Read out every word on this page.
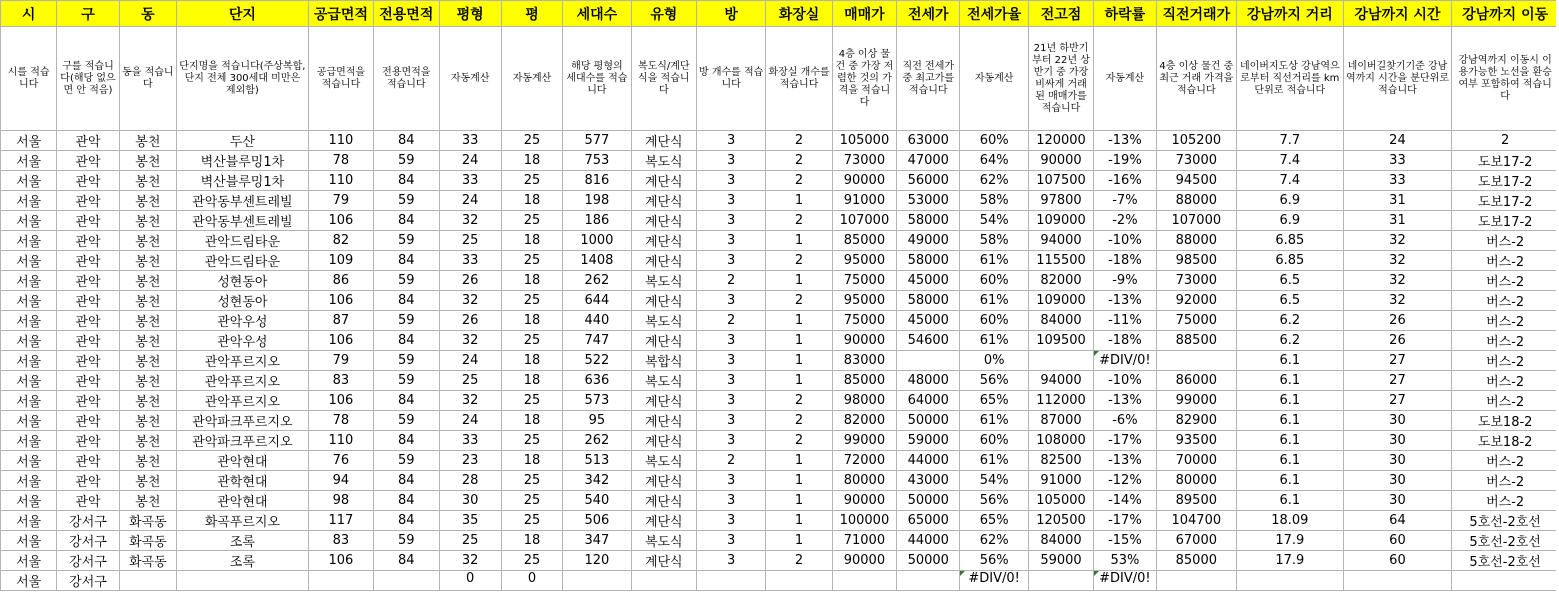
시	구	동	단지	공급면적	전용면적	평형	평	세대수	유형	방	화장실	매매가	전세가	전세가율	전고점	하락률	직전거래가	강남까지 거리	강남까지 시간	강남까지 이동
시를 적습니다	구를 적습니다(해당 없으면 안 적음)	동을 적습니다	단지명을 적습니다(주상복합, 단지 전체 300세대 미만은 제외함)	공급면적을 적습니다	전용면적을 적습니다	자동계산	자동계산	해당 평형의 세대수를 적습니다	복도식/계단식을 적습니다	방 개수를 적습니다	화장실 개수를 적습니다	4층 이상 물건 중 가장 저렴한 것의 가격을 적습니다	직전 전세가 중 최고가를 적습니다	자동계산	21년 하반기부터 22년 상반기 중 가장 비싸게 거래된 매매가를 적습니다	자동계산	4층 이상 물건 중 최근 거래 가격을 적습니다	네이버지도상 강남역으로부터 직선거리를 km단위로 적습니다	네이버길찾기기준 강남역까지 시간을 분단위로 적습니다	강남역까지 이동시 이용가능한 노선을 환승여부 포함하여 적습니다
서울	관악	봉천	두산	110	84	33	25	577	계단식	3	2	105000	63000	60%	120000	-13%	105200	7.7	24	2
서울	관악	봉천	벽산블루밍1차	78	59	24	18	753	복도식	3	2	73000	47000	64%	90000	-19%	73000	7.4	33	도보17-2
서울	관악	봉천	벽산블루밍1차	110	84	33	25	816	계단식	3	2	90000	56000	62%	107500	-16%	94500	7.4	33	도보17-2
서울	관악	봉천	관악동부센트레빌	79	59	24	18	198	계단식	3	1	91000	53000	58%	97800	-7%	88000	6.9	31	도보17-2
서울	관악	봉천	관악동부센트레빌	106	84	32	25	186	계단식	3	2	107000	58000	54%	109000	-2%	107000	6.9	31	도보17-2
서울	관악	봉천	관악드림타운	82	59	25	18	1000	계단식	3	1	85000	49000	58%	94000	-10%	88000	6.85	32	버스-2
서울	관악	봉천	관악드림타운	109	84	33	25	1408	계단식	3	2	95000	58000	61%	115500	-18%	98500	6.85	32	버스-2
서울	관악	봉천	성현동아	86	59	26	18	262	복도식	2	1	75000	45000	60%	82000	-9%	73000	6.5	32	버스-2
서울	관악	봉천	성현동아	106	84	32	25	644	계단식	3	2	95000	58000	61%	109000	-13%	92000	6.5	32	버스-2
서울	관악	봉천	관악우성	87	59	26	18	440	복도식	2	1	75000	45000	60%	84000	-11%	75000	6.2	26	버스-2
서울	관악	봉천	관악우성	106	84	32	25	747	계단식	3	1	90000	54600	61%	109500	-18%	88500	6.2	26	버스-2
서울	관악	봉천	관악푸르지오	79	59	24	18	522	복합식	3	1	83000		0%		#DIV/0!		6.1	27	버스-2
서울	관악	봉천	관악푸르지오	83	59	25	18	636	복도식	3	1	85000	48000	56%	94000	-10%	86000	6.1	27	버스-2
서울	관악	봉천	관악푸르지오	106	84	32	25	573	계단식	3	2	98000	64000	65%	112000	-13%	99000	6.1	27	버스-2
서울	관악	봉천	관악파크푸르지오	78	59	24	18	95	계단식	3	2	82000	50000	61%	87000	-6%	82900	6.1	30	도보18-2
서울	관악	봉천	관악파크푸르지오	110	84	33	25	262	계단식	3	2	99000	59000	60%	108000	-17%	93500	6.1	30	도보18-2
서울	관악	봉천	관악현대	76	59	23	18	513	복도식	2	1	72000	44000	61%	82500	-13%	70000	6.1	30	버스-2
서울	관악	봉천	관학현대	94	84	28	25	342	계단식	3	1	80000	43000	54%	91000	-12%	80000	6.1	30	버스-2
서울	관악	봉천	관악현대	98	84	30	25	540	계단식	3	1	90000	50000	56%	105000	-14%	89500	6.1	30	버스-2
서울	강서구	화곡동	화곡푸르지오	117	84	35	25	506	계단식	3	1	100000	65000	65%	120500	-17%	104700	18.09	64	5호선-2호선
서울	강서구	화곡동	조록	83	59	25	18	347	복도식	3	1	71000	44000	62%	84000	-15%	67000	17.9	60	5호선-2호선
서울	강서구	화곡동	조록	106	84	32	25	120	계단식	3	2	90000	50000	56%	59000	53%	85000	17.9	60	5호선-2호선
서울	강서구					0	0							#DIV/0!		#DIV/0!				
